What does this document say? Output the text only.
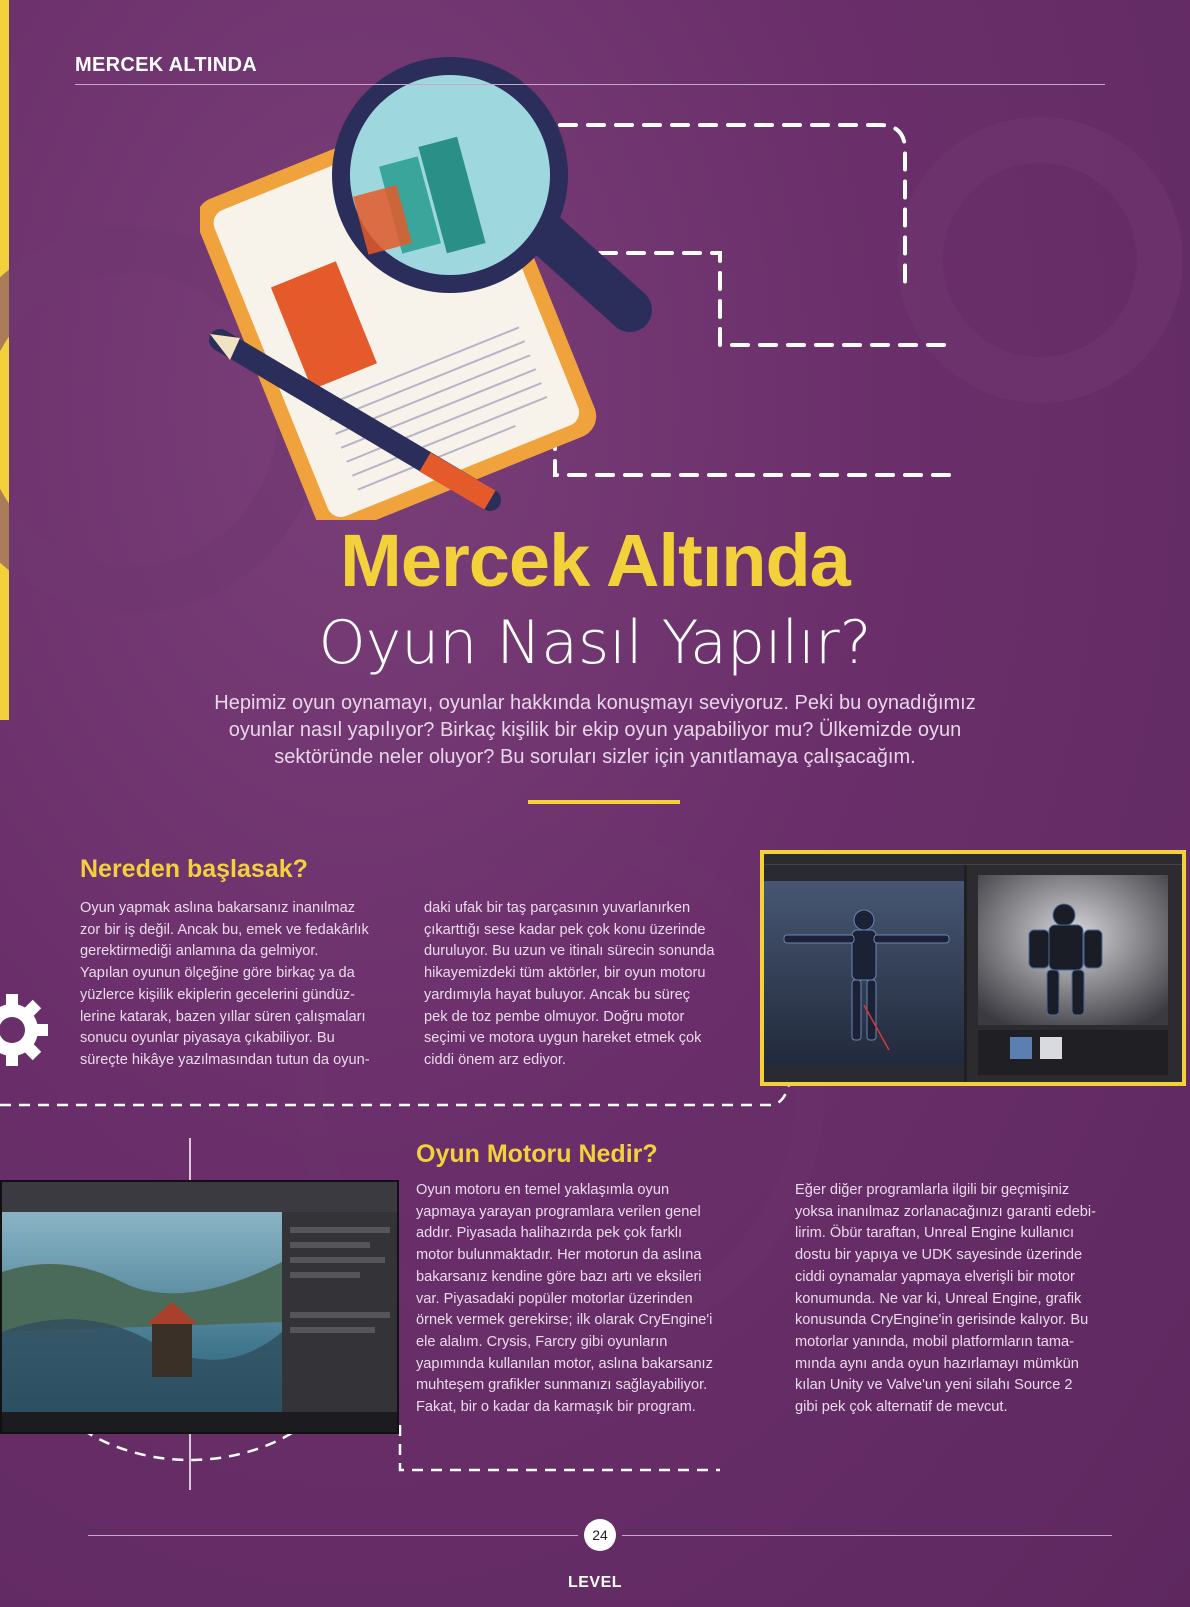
MERCEK ALTINDA
Mercek Altında
Oyun Nasıl Yapılır?
Hepimiz oyun oynamayı, oyunlar hakkında konuşmayı seviyoruz. Peki bu oynadığımız
oyunlar nasıl yapılıyor? Birkaç kişilik bir ekip oyun yapabiliyor mu? Ülkemizde oyun
sektöründe neler oluyor? Bu soruları sizler için yanıtlamaya çalışacağım.
Nereden başlasak?
Oyun yapmak aslına bakarsanız inanılmaz
zor bir iş değil. Ancak bu, emek ve fedakârlık
gerektirmediği anlamına da gelmiyor.
Yapılan oyunun ölçeğine göre birkaç ya da
yüzlerce kişilik ekiplerin gecelerini gündüz-
lerine katarak, bazen yıllar süren çalışmaları
sonucu oyunlar piyasaya çıkabiliyor. Bu
süreçte hikâye yazılmasından tutun da oyun-
daki ufak bir taş parçasının yuvarlanırken
çıkarttığı sese kadar pek çok konu üzerinde
duruluyor. Bu uzun ve itinalı sürecin sonunda
hikayemizdeki tüm aktörler, bir oyun motoru
yardımıyla hayat buluyor. Ancak bu süreç
pek de toz pembe olmuyor. Doğru motor
seçimi ve motora uygun hareket etmek çok
ciddi önem arz ediyor.
Oyun Motoru Nedir?
Oyun motoru en temel yaklaşımla oyun
yapmaya yarayan programlara verilen genel
addır. Piyasada halihazırda pek çok farklı
motor bulunmaktadır. Her motorun da aslına
bakarsanız kendine göre bazı artı ve eksileri
var. Piyasadaki popüler motorlar üzerinden
örnek vermek gerekirse; ilk olarak CryEngine'i
ele alalım. Crysis, Farcry gibi oyunların
yapımında kullanılan motor, aslına bakarsanız
muhteşem grafikler sunmanızı sağlayabiliyor.
Fakat, bir o kadar da karmaşık bir program.
Eğer diğer programlarla ilgili bir geçmişiniz
yoksa inanılmaz zorlanacağınızı garanti edebi-
lirim. Öbür taraftan, Unreal Engine kullanıcı
dostu bir yapıya ve UDK sayesinde üzerinde
ciddi oynamalar yapmaya elverişli bir motor
konumunda. Ne var ki, Unreal Engine, grafik
konusunda CryEngine'in gerisinde kalıyor. Bu
motorlar yanında, mobil platformların tama-
mında aynı anda oyun hazırlamayı mümkün
kılan Unity ve Valve'un yeni silahı Source 2
gibi pek çok alternatif de mevcut.
24
LEVEL
